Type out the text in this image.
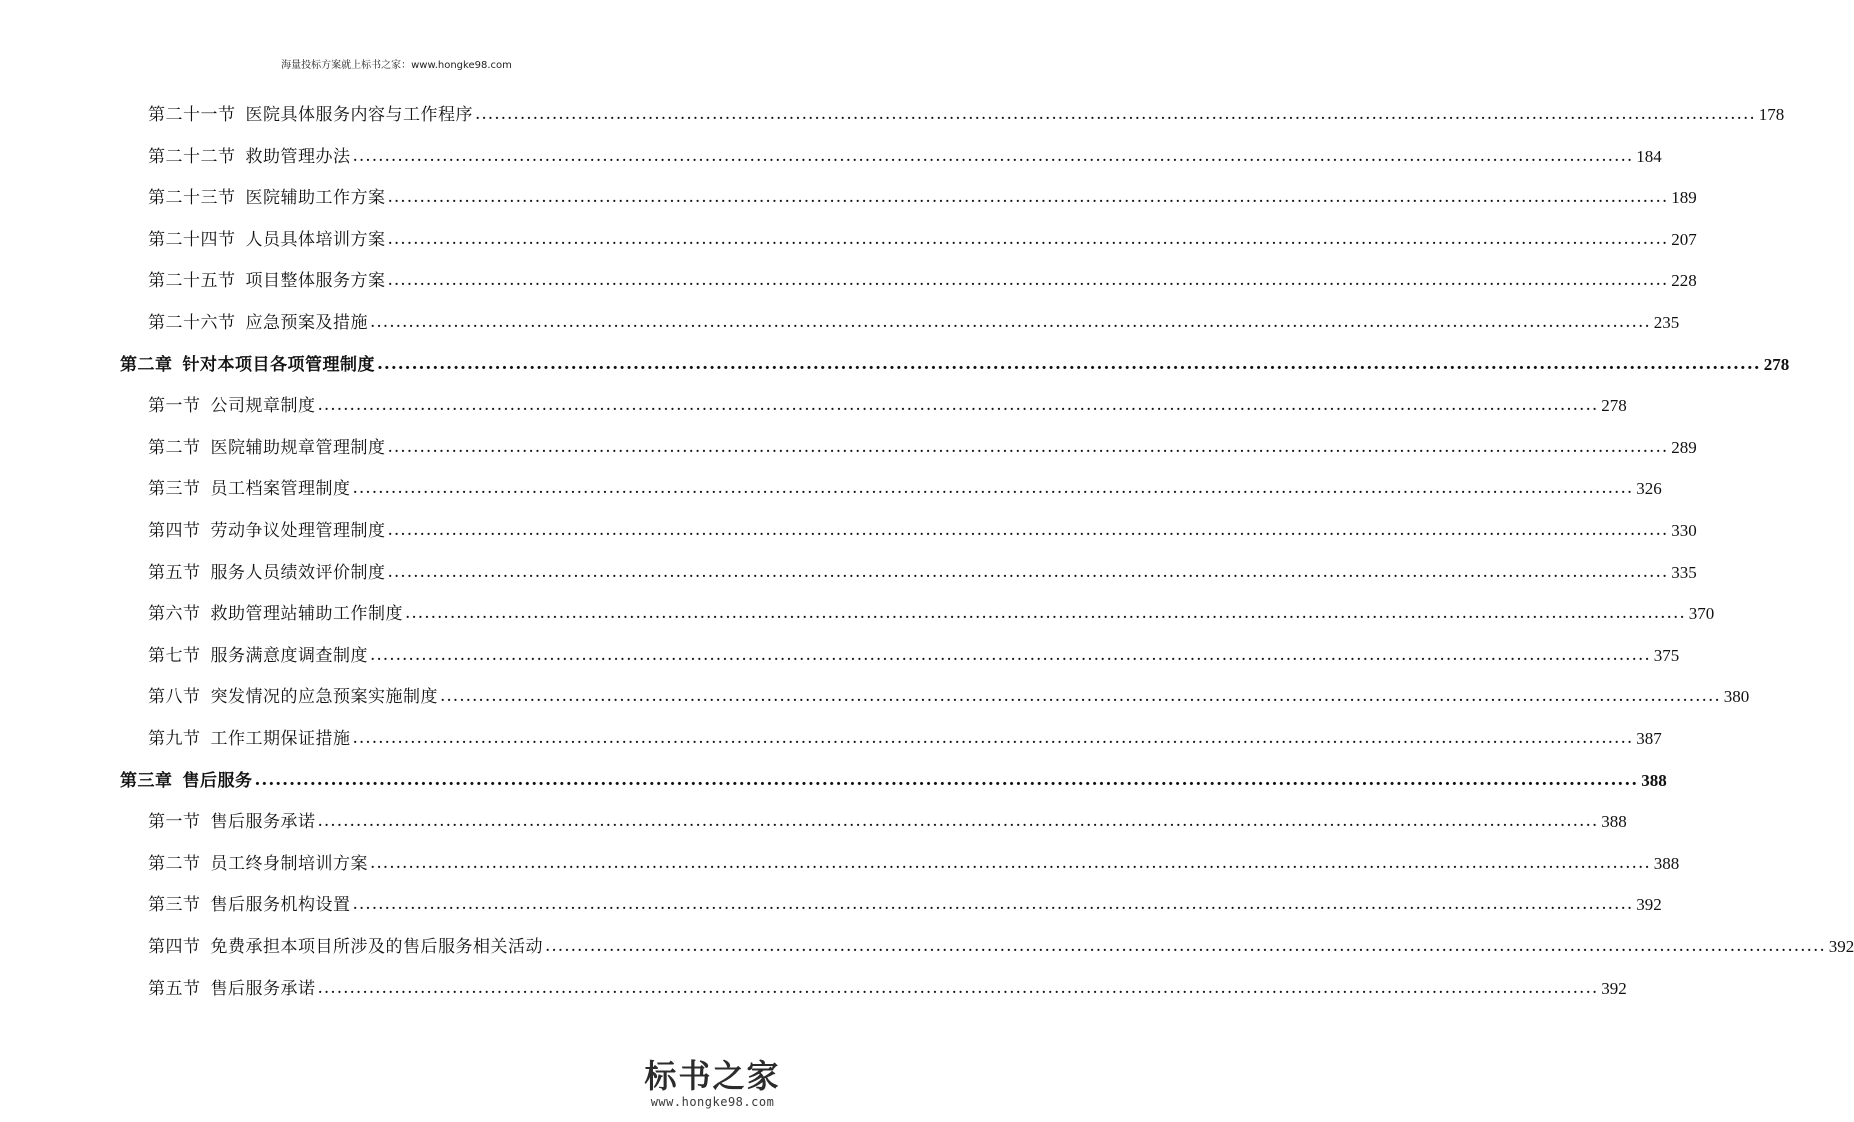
海量投标方案就上标书之家：www.hongke98.com
第二十一节 医院具体服务内容与工作程序 ........................................................................................................................................................................................................ 178
第二十二节 救助管理办法 ........................................................................................................................................................................................................ 184
第二十三节 医院辅助工作方案 ........................................................................................................................................................................................................ 189
第二十四节 人员具体培训方案 ........................................................................................................................................................................................................ 207
第二十五节 项目整体服务方案 ........................................................................................................................................................................................................ 228
第二十六节 应急预案及措施 ........................................................................................................................................................................................................ 235
第二章 针对本项目各项管理制度 ........................................................................................................................................................................................................ 278
第一节 公司规章制度 ........................................................................................................................................................................................................ 278
第二节 医院辅助规章管理制度 ........................................................................................................................................................................................................ 289
第三节 员工档案管理制度 ........................................................................................................................................................................................................ 326
第四节 劳动争议处理管理制度 ........................................................................................................................................................................................................ 330
第五节 服务人员绩效评价制度 ........................................................................................................................................................................................................ 335
第六节 救助管理站辅助工作制度 ........................................................................................................................................................................................................ 370
第七节 服务满意度调查制度 ........................................................................................................................................................................................................ 375
第八节 突发情况的应急预案实施制度 ........................................................................................................................................................................................................ 380
第九节 工作工期保证措施 ........................................................................................................................................................................................................ 387
第三章 售后服务 ........................................................................................................................................................................................................ 388
第一节 售后服务承诺 ........................................................................................................................................................................................................ 388
第二节 员工终身制培训方案 ........................................................................................................................................................................................................ 388
第三节 售后服务机构设置 ........................................................................................................................................................................................................ 392
第四节 免费承担本项目所涉及的售后服务相关活动 ........................................................................................................................................................................................................ 392
第五节 售后服务承诺 ........................................................................................................................................................................................................ 392
标书之家
www.hongke98.com
